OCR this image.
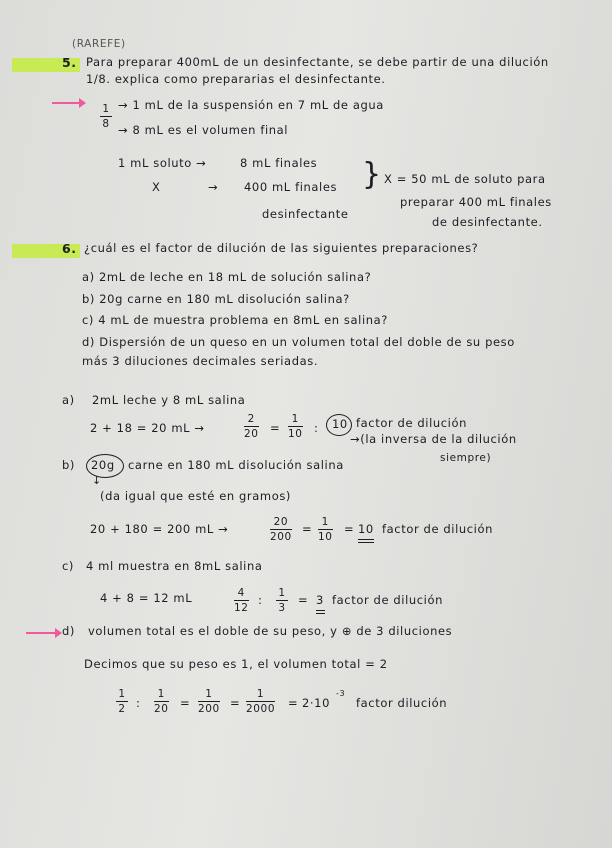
(RAREFE)
5. Para preparar 400mL de un desinfectante, se debe partir de una dilución
1/8. explica como prepararias el desinfectante.
1
8
→ 1 mL de la suspensión en 7 mL de agua
→ 8 mL es el volumen final
1 mL soluto →	8 mL finales
X	→ 400 mL finales
desinfectante
} X = 50 mL de soluto para
preparar 400 mL finales
de desinfectante.
6. ¿cuál es el factor de dilución de las siguientes preparaciones?
a) 2mL de leche en 18 mL de solución salina?
b) 20g carne en 180 mL disolución salina?
c) 4 mL de muestra problema en 8mL en salina?
d) Dispersión de un queso en un volumen total del doble de su peso
más 3 diluciones decimales seriadas.
a) 2mL leche y 8 mL salina
2 + 18 = 20 mL →
2
20 =
1
10 : 10 factor de dilución
→(la inversa de la dilución
siempre)
b) 20g carne en 180 mL disolución salina
↓
(da igual que esté en gramos)
20 + 180 = 200 mL →	20
200
= 1
10
= 10 factor de dilución
c) 4 ml muestra en 8mL salina
4 + 8 = 12 mL	4
12
: 1
3
= 3 factor de dilución
d) volumen total es el doble de su peso, y ⊕ de 3 diluciones
Decimos que su peso es 1, el volumen total = 2
1
2 :
1
20 =
1
200 =
1
2000 = 2·10
-3
factor dilución
